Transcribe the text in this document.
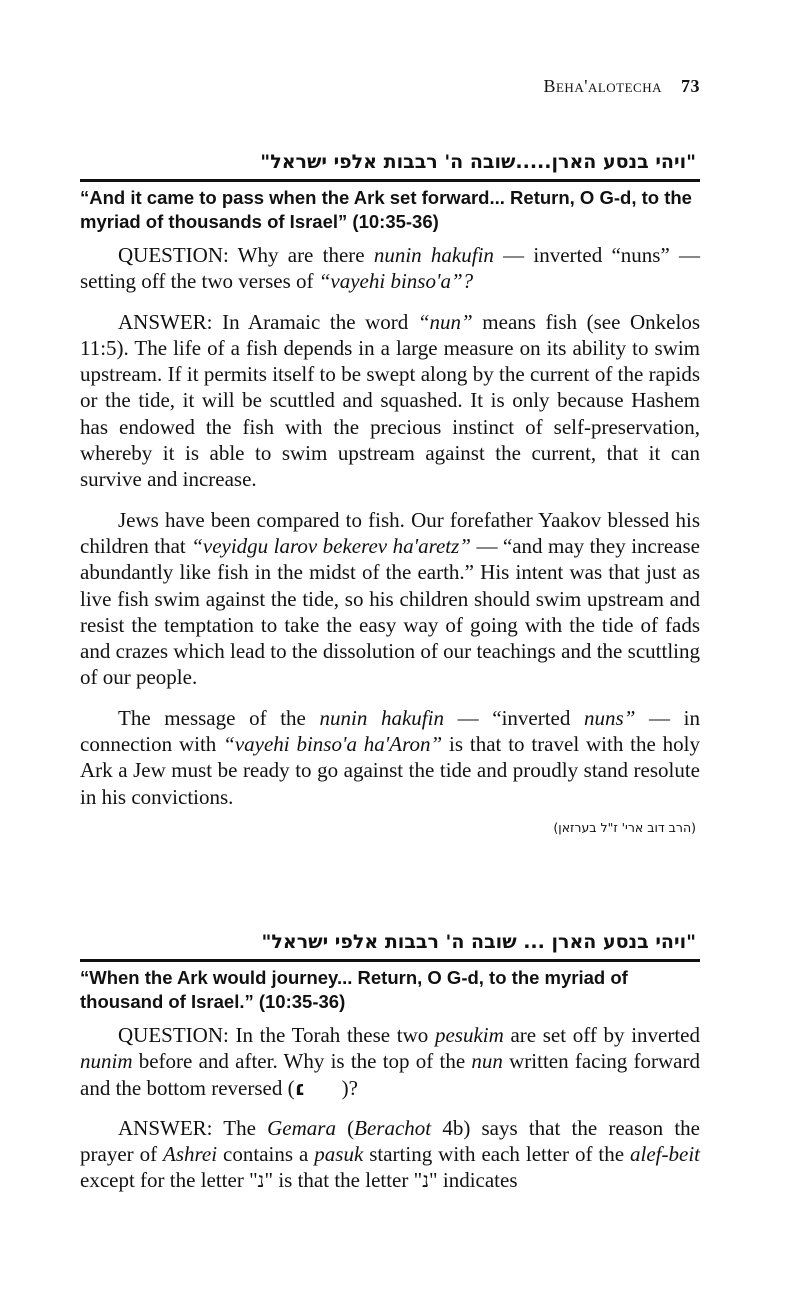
Beha'alotecha 73
"ויהי בנסע הארן.....שובה ה' רבבות אלפי ישראל"
“And it came to pass when the Ark set forward... Return, O G-d, to the myriad of thousands of Israel” (10:35-36)

QUESTION: Why are there nunin hakufin — inverted “nuns” — setting off the two verses of “vayehi binso'a”?

ANSWER: In Aramaic the word “nun” means fish (see Onkelos 11:5). The life of a fish depends in a large measure on its ability to swim upstream. If it permits itself to be swept along by the current of the rapids or the tide, it will be scuttled and squashed. It is only because Hashem has endowed the fish with the precious instinct of self-preservation, whereby it is able to swim upstream against the current, that it can survive and increase.

Jews have been compared to fish. Our forefather Yaakov blessed his children that “veyidgu larov bekerev ha'aretz” — “and may they increase abundantly like fish in the midst of the earth.” His intent was that just as live fish swim against the tide, so his children should swim upstream and resist the temptation to take the easy way of going with the tide of fads and crazes which lead to the dissolution of our teachings and the scuttling of our people.

The message of the nunin hakufin — “inverted nuns” — in connection with “vayehi binso'a ha'Aron” is that to travel with the holy Ark a Jew must be ready to go against the tide and proudly stand resolute in his convictions.

(הרב דוב ארי' ז"ל בערזאן)
"ויהי בנסע הארן ... שובה ה' רבבות אלפי ישראל"
“When the Ark would journey... Return, O G-d, to the myriad of thousand of Israel.” (10:35-36)

QUESTION: In the Torah these two pesukim are set off by inverted nunim before and after. Why is the top of the nun written facing forward and the bottom reversed (נ )?

ANSWER: The Gemara (Berachot 4b) says that the reason the prayer of Ashrei contains a pasuk starting with each letter of the alef-beit except for the letter "נ" is that the letter "נ" indicates
